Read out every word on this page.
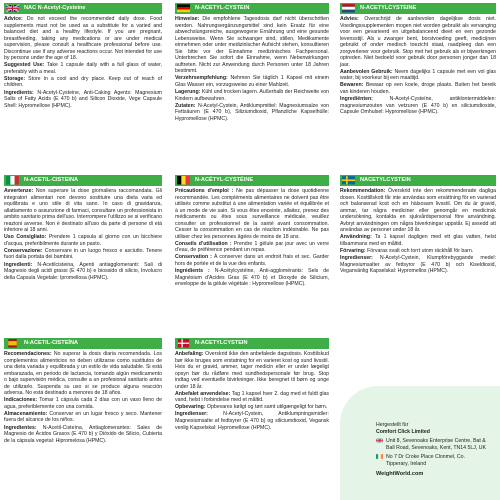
NAC N-Acetyl-Cysteine

Advice: Do not exceed the recommended daily dose. Food supplements must not be used as a substitute for a varied and balanced diet and a healthy lifestyle. If you are pregnant, breastfeeding, taking any medications or are under medical supervision, please consult a healthcare professional before use. Discontinue use if any adverse reactions occur. Not intended for use by persons under the age of 18.

Suggested Use: Take 1 capsule daily with a full glass of water, preferably with a meal.

Storage: Store in a cool and dry place. Keep out of reach of children.

Ingredients: N-Acetyl-Cysteine, Anti-Caking Agents: Magnesium Salts of Fatty Acids (E 470 b) and Silicon Dioxide, Vege Capsule Shell: Hypromellose (HPMC).

N-ACETIL-CISTEINA

Avvertenze: Non superare la dose giornaliera raccomandata. Gli integratori alimentari non devono sostituire una dieta varia ed equilibrata e uno stile di vita sano. In caso di gravidanza, allattamento o assunzione di farmaci, consultare un professionista in ambito sanitario prima dell'uso. Interrompere l'utilizzo se si verificano reazioni avverse. Non è destinato all'uso da parte di persone di età inferiore ai 18 anni.

Uso Consigliato: Prendere 1 capsula al giorno con un bicchiere d'acqua, preferibilmente durante un pasto.

Conservazione: Conservare in un luogo fresco e asciutto. Tenere fuori dalla portata dei bambini.

Ingredienti: N-Acetilcisteina, Agenti antiagglomeranti: Sali di Magnesio degli acidi grassi (E 470 b) e biossido di silicio, Involucro della Capsula Vegetale: Ipromellosa (HPMC).

N-ACETIL-CISTEÍNA

Recomendaciones: No superar la dosis diaria recomendada. Los complementos alimenticios no deben utilizarse como sustitutos de una dieta variada y equilibrada y un estilo de vida saludable. Si está embarazada, en periodo de lactancia, tomando algún medicamento o bajo supervisión médica, consulte a un profesional sanitario antes de utilizarlo. Suspenda su uso si se produce alguna reacción adversa. No está destinado a menores de 18 años.

Indicaciones: Tomar 1 cápsula cada 2 días con un vaso lleno de agua, preferiblemente con una comida.

Almacenamiento: Conservar en un lugar fresco y seco. Mantener fuera del alcance de los niños.

Ingredientes: N-Acetil-Cisteína, Antiaglomerantes: Sales de Magnesio de Ácidos Grasos (E 470 b) y Dióxido de Silicio, Cubierta de la cápsula vegetal: Hipromelosa (HPMC).

N-ACETYL-CYSTEIN

Hinweise: Die empfohlene Tagesdosis darf nicht überschritten werden. Nahrungsergänzungsmittel sind kein Ersatz für eine abwechslungsreiche, ausgewogene Ernährung und eine gesunde Lebensweise. Wenn Sie schwanger sind, stillen, Medikamente einnehmen oder unter medizinischer Aufsicht stehen, konsultieren Sie bitte vor der Einnahme medizinisches Fachpersonal. Unterbrechen Sie sofort die Einnahme, wenn Nebenwirkungen auftreten. Nicht zur Anwendung durch Personen unter 18 Jahren bestimmt.

Verzehrsempfehlung: Nehmen Sie täglich 1 Kapsel mit einem Glas Wasser ein, vorzugsweise zu einer Mahlzeit.

Lagerung: Kühl und trocken lagern. Außerhalb der Reichweite von Kindern aufbewahren.

Zutaten: N-Acetyl-Cystein, Antiklumpmittel: Magnesiumsalze von Fettsäuren (E 470 b), Siliziumdioxid, Pflanzliche Kapselhülle: Hypromellose (HPMC).

N-ACÉTYL-CYSTÉINE

Précautions d'emploi : Ne pas dépasser la dose quotidienne recommandée. Les compléments alimentaires ne doivent pas être utilisés comme substitut à une alimentation variée et équilibrée et à un mode de vie sain. Si vous êtes enceinte, allaitez, prenez des médicaments ou êtes sous surveillance médicale, veuillez consulter un professionnel de la santé avant consommation. Cesser la consommation en cas de réaction indésirable. Ne pas utiliser chez les personnes âgées de moins de 18 ans.

Conseils d'utilisation : Prendre 1 gélule par jour avec un verre d'eau, de préférence pendant un repas.

Conservation : À conserver dans un endroit frais et sec. Garder hors de portée et de la vue des enfants.

Ingrédients : N-Acétylcystéine, Anti-agglomérants: Sels de Magnésium d'Acides Gras (E 470 b) et Dioxyde de Silicium, enveloppe de la gélule végétale : Hypromellose (HPMC).

N-ACETYLCYSTEIN

Anbefaling: Overskrid ikke den anbefalede dagsdosis. Kosttilskud bør ikke bruges som erstatning for en varieret kost og sund livsstil. Hvis du er gravid, ammer, tager medicin eller er under lægeligt opsyn bør du rådføre med sundhedspersonale før brug. Stop indtag ved eventuelle bivirkninger. Ikke beregnet til børn og unge under 18 år.

Anbefalet anvendelse: Tag 1 kapsel hver 2. dag med et fuldt glas vand, helst i forbindelse med et måltid.

Opbevaring: Opbevares køligt og tørt samt utilgængeligt for børn.

Ingredienser:	N-Acetyl-Cystein, Antiklumpningsmidler: Magnesiumsalte af fedtsyrer (E 470 b) og siliciumdioxid, Vegansk venlig Kapselskal: Hypromellose (HPMC).

N-ACETYLCYSTEINE

Advies: Overschrijd de aanbevolen dagelijkse dosis niet. Voedingssupplementen mogen niet worden gebruikt als vervanging voor een gevarieerd en uitgebalanceerd dieet en een gezonde levensstijl. Als u zwanger bent, borstvoeding geeft, medicijnen gebruikt of onder medisch toezicht staat, raadpleeg dan een zorgverlener voor gebruik. Stop met het gebruik als er bijwerkingen optreden. Niet bedoeld voor gebruik door personen jonger dan 18 jaar.

Aanbevolen Gebruik: Neem dagelijks 1 capsule met een vol glas water, bij voorkeur bij een maaltijd.

Bewaren: Bewaar op een koele, droge plaats. Buiten het bereik van kinderen houden.

Ingrediënten:	N-Acetyl-Cysteïne, antiklontermiddelen: magnesiumzouten van vetzuren (E 470 b) en siliciumdioxide, Capsule Omhulsel: Hypromellose (HPMC).

NACETYLCYSTEIN

Rekommendation: Överskrid inte den rekommenderade dagliga dosen. Kosttillskott får inte användas som ersättning för en varierad och balanserad kost och en hälsosam livsstil. Om du är gravid, ammar, tar några mediciner eller genomgår en medicinsk undersökning, kontakta en sjukvårdspersonal före användning. Avbryt användningen om några biverkningar uppstår. Ej avsedd att användas av personer under 18 år.

Användning: Ta 1 kapsel dagligen med ett glas vatten, helst tillsammans med en måltid.

Förvaring: Förvaras svalt och torrt utom räckhåll för barn.

Ingredienser: N-Acetyl-Cystein, Klumpförebyggande medel: Magnesiumsalter av fettsyror (E 470 b) och Kiseldioxid, Veganvänlig Kapselskal: Hypromellos (HPMC).

Hergestellt für
Comfort Click Limited
Unit 8, Sevenoaks Enterprise Centre, Bat & Ball Road, Sevenoaks, Kent, TN14 5LJ, UK
No 7 Dr Croke Place Clonmel, Co. Tipperary, Ireland
WeightWorld.com
